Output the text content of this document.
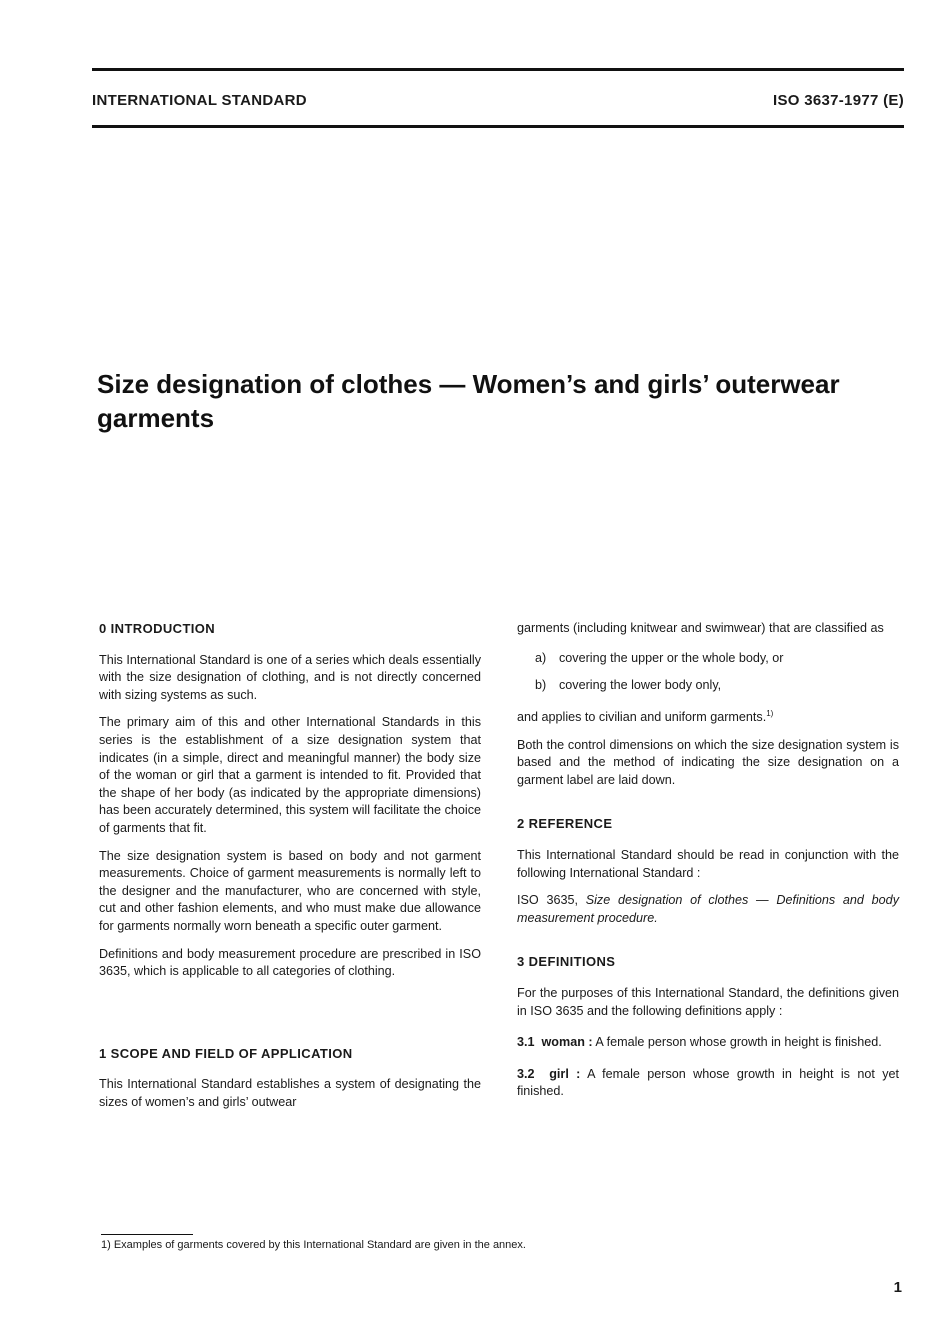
INTERNATIONAL STANDARD	ISO 3637-1977 (E)
Size designation of clothes — Women’s and girls’ outerwear garments
0 INTRODUCTION

This International Standard is one of a series which deals essentially with the size designation of clothing, and is not directly concerned with sizing systems as such.

The primary aim of this and other International Standards in this series is the establishment of a size designation system that indicates (in a simple, direct and meaningful manner) the body size of the woman or girl that a garment is intended to fit. Provided that the shape of her body (as indicated by the appropriate dimensions) has been accurately determined, this system will facilitate the choice of garments that fit.

The size designation system is based on body and not garment measurements. Choice of garment measurements is normally left to the designer and the manufacturer, who are concerned with style, cut and other fashion elements, and who must make due allowance for garments normally worn beneath a specific outer garment.

Definitions and body measurement procedure are prescribed in ISO 3635, which is applicable to all categories of clothing.

1 SCOPE AND FIELD OF APPLICATION

This International Standard establishes a system of designating the sizes of women’s and girls’ outwear

garments (including knitwear and swimwear) that are classified as

a) covering the upper or the whole body, or
b) covering the lower body only,

and applies to civilian and uniform garments.$^{1)}$

Both the control dimensions on which the size designation system is based and the method of indicating the size designation on a garment label are laid down.

2 REFERENCE

This International Standard should be read in conjunction with the following International Standard :

ISO 3635, Size designation of clothes — Definitions and body measurement procedure.

3 DEFINITIONS

For the purposes of this International Standard, the definitions given in ISO 3635 and the following definitions apply :

3.1 woman : A female person whose growth in height is finished.

3.2 girl : A female person whose growth in height is not yet finished.

1) Examples of garments covered by this International Standard are given in the annex.
1
